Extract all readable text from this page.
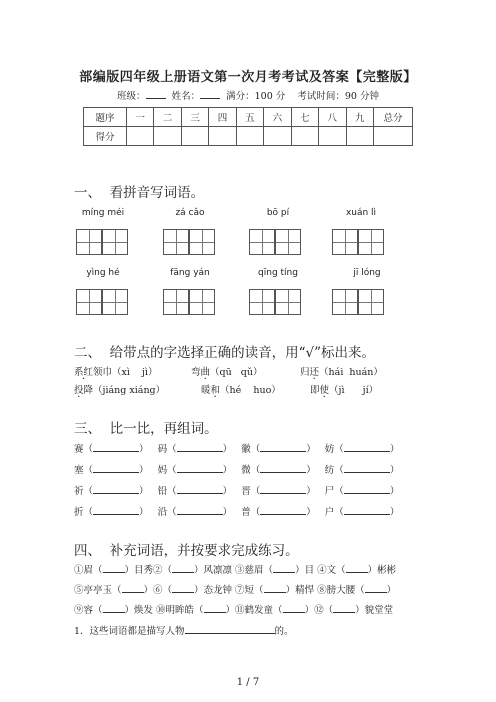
部编版四年级上册语文第一次月考考试及答案【完整版】
班级：	姓名：	满分：100 分 考试时间：90 分钟
题序	一	二	三	四	五	六	七	八	九	总分
得分										
一、  看拼音写词语。
míng méi	zá cǎo	bō pí	xuán lì
yìng hé	fāng yán	qīng tíng	jī lóng
二、  给带点的字选择正确的读音，用“√”标出来。
系红领巾（xì    jì）	弯曲（qū   qǔ）	归还（hái  huán）
投降（jiáng xiáng）	暖和（hé    huo）	即使（jì      jí）
三、  比一比，再组词。
赛（	）   码（	）   徽（	）   妨（	）
塞（	）   妈（	）   微（	）   纺（	）
祈（	）   铅（	）   晋（	）   尸（	）
折（	）   沿（	）   普（	）   户（	）
四、  补充词语，并按要求完成练习。
①眉（ ）目秀②（ ）风凛凛 ③慈眉（ ）目 ④文（ ）彬彬
⑤亭亭玉（ ）⑥（ ）态龙钟 ⑦短（ ）精悍 ⑧膀大腰（ ）
⑨容（ ）焕发 ⑩明眸皓（ ）⑪鹤发童（ ）⑫（ ）貌堂堂
1．这些词语都是描写人物	的。
1 / 7
